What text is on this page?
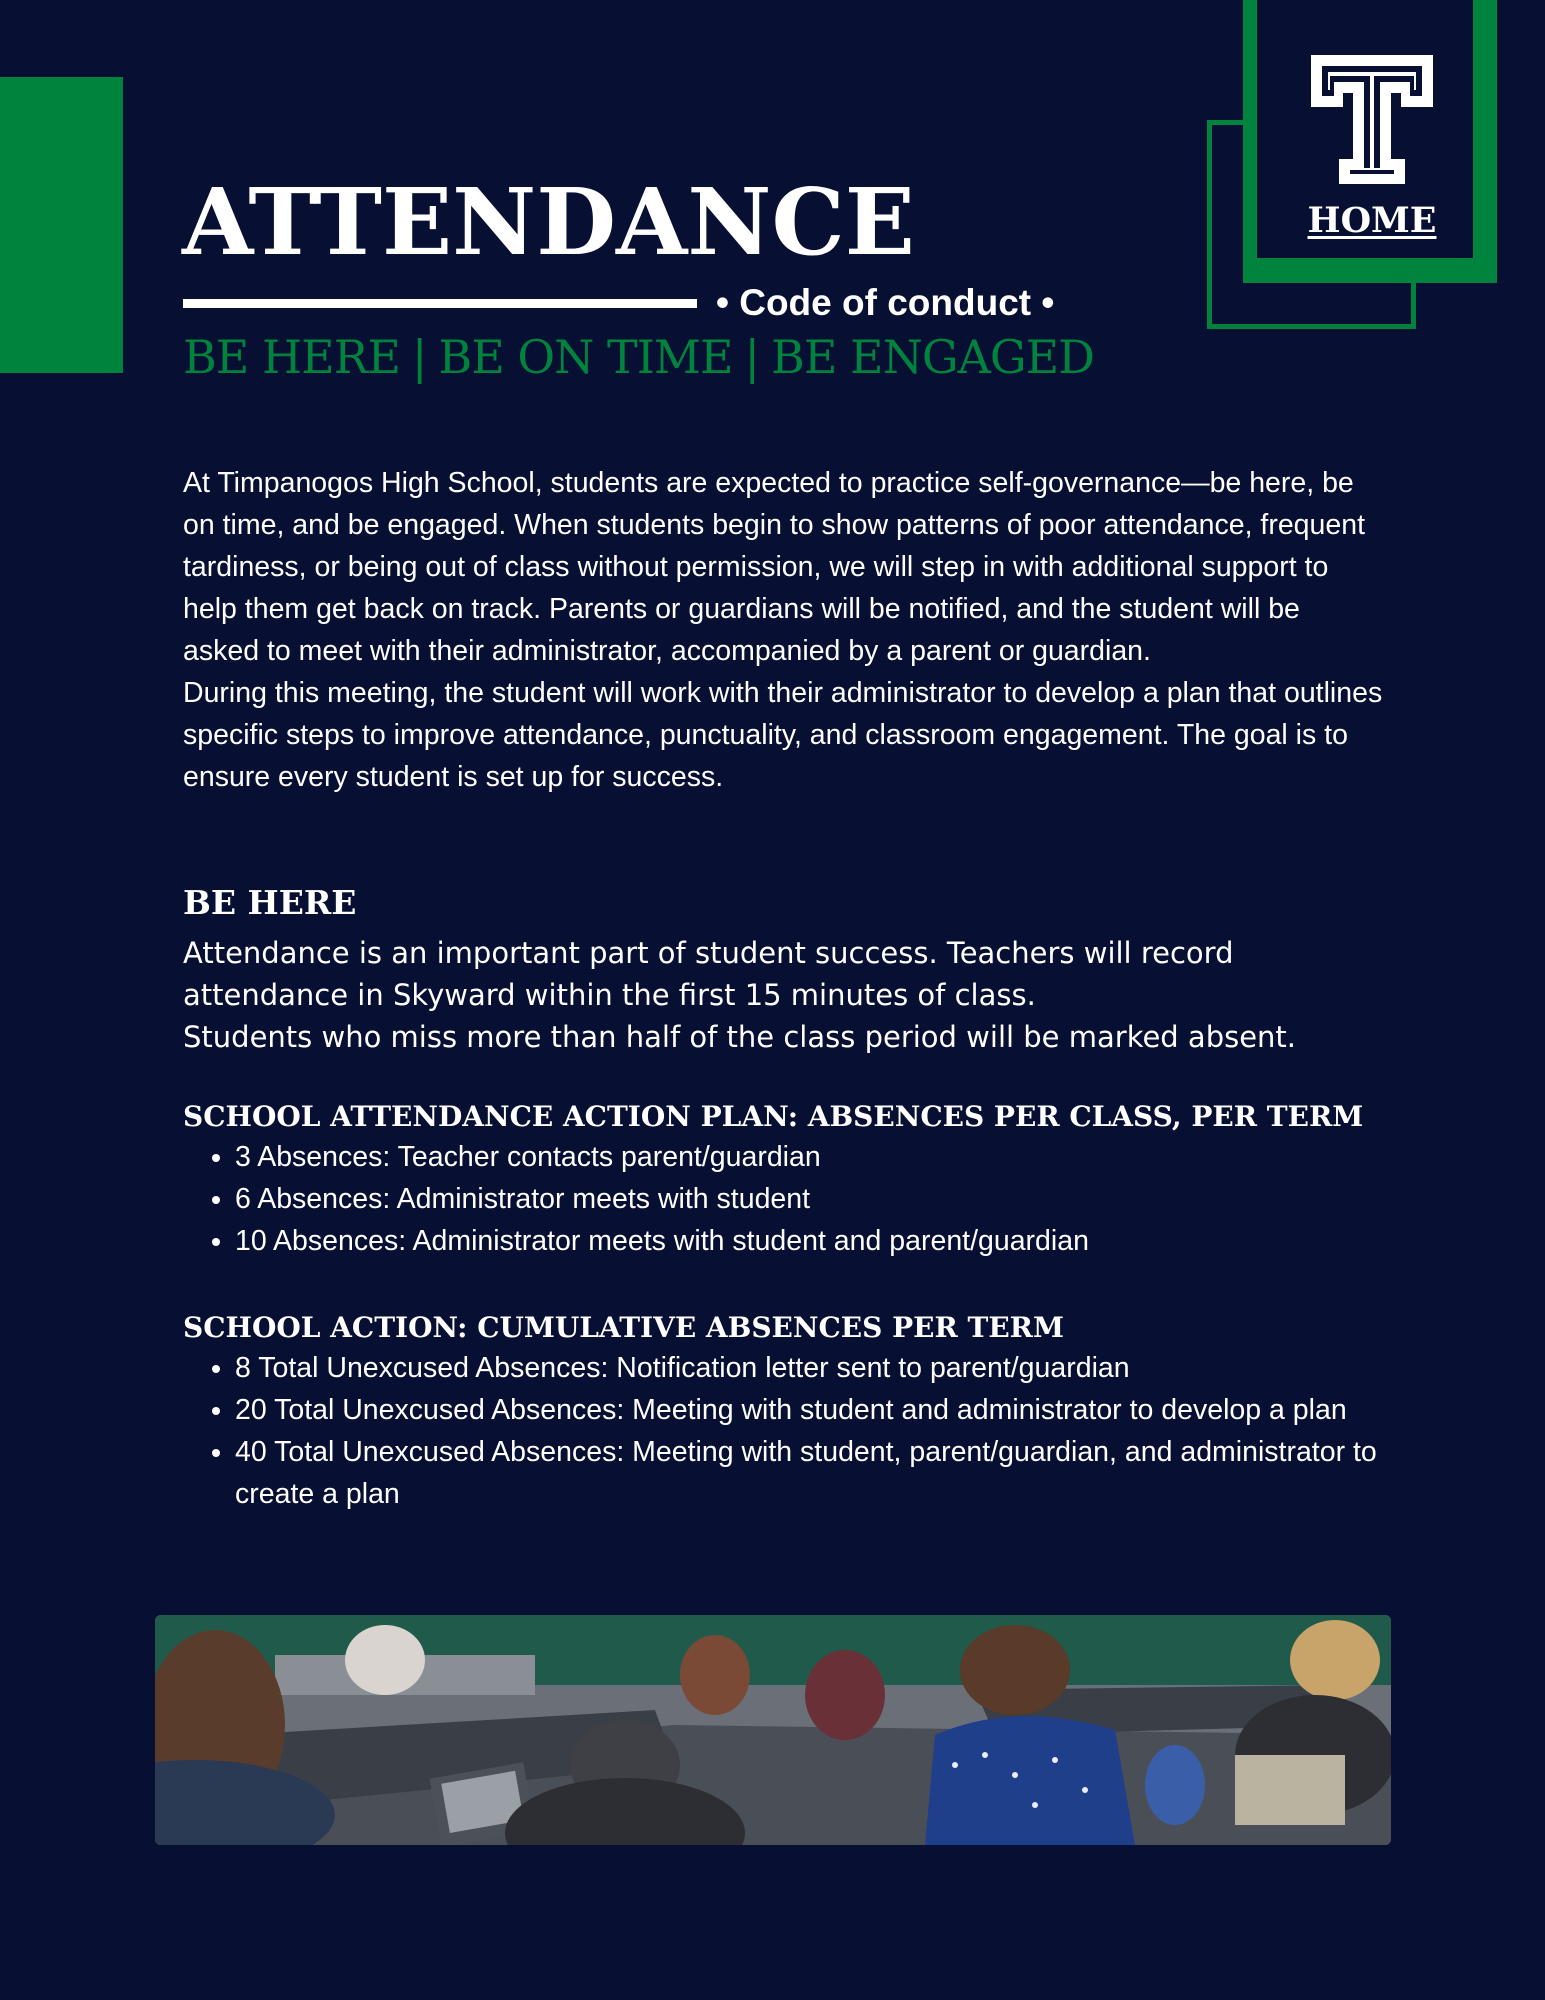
HOME
ATTENDANCE
• Code of conduct •
BE HERE | BE ON TIME | BE ENGAGED

At Timpanogos High School, students are expected to practice self-governance—be here, be on time, and be engaged. When students begin to show patterns of poor attendance, frequent tardiness, or being out of class without permission, we will step in with additional support to help them get back on track. Parents or guardians will be notified, and the student will be asked to meet with their administrator, accompanied by a parent or guardian.

During this meeting, the student will work with their administrator to develop a plan that outlines specific steps to improve attendance, punctuality, and classroom engagement. The goal is to ensure every student is set up for success.

BE HERE

Attendance is an important part of student success. Teachers will record attendance in Skyward within the first 15 minutes of class.

Students who miss more than half of the class period will be marked absent.

SCHOOL ATTENDANCE ACTION PLAN: ABSENCES PER CLASS, PER TERM
• 3 Absences: Teacher contacts parent/guardian
• 6 Absences: Administrator meets with student
• 10 Absences: Administrator meets with student and parent/guardian
SCHOOL ACTION: CUMULATIVE ABSENCES PER TERM
• 8 Total Unexcused Absences: Notification letter sent to parent/guardian
• 20 Total Unexcused Absences: Meeting with student and administrator to develop a plan
• 40 Total Unexcused Absences: Meeting with student, parent/guardian, and administrator to create a plan
